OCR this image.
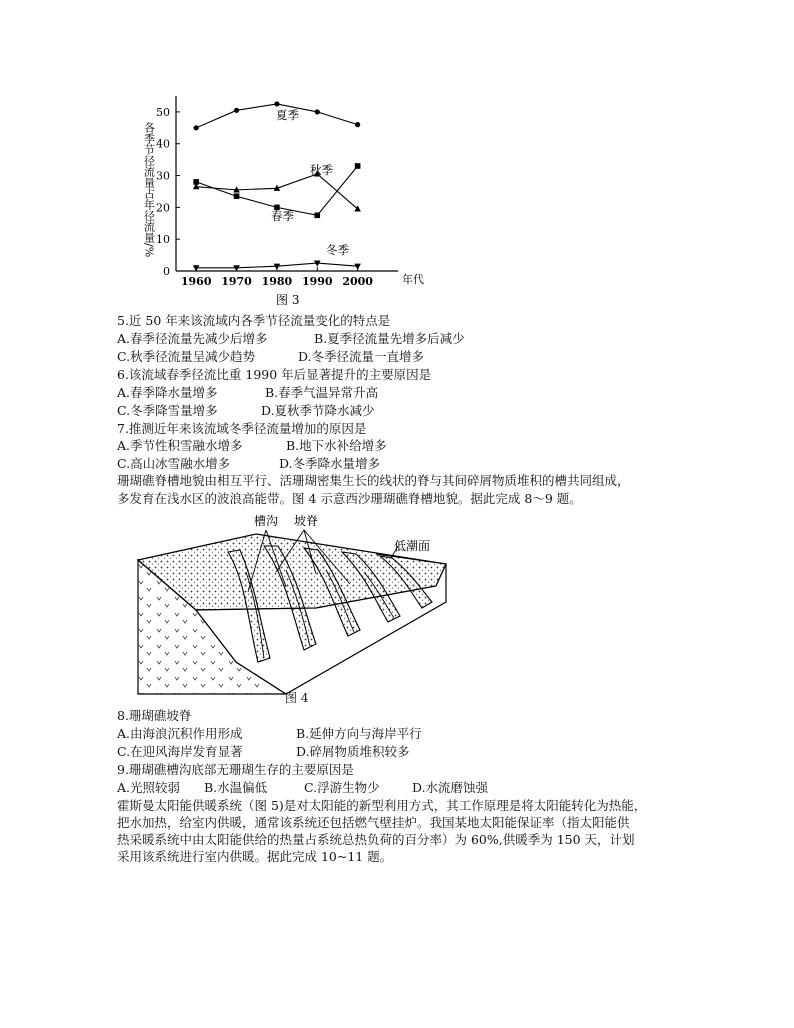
各季节径流量占年径流量/%
0
10
20
30
40
50
1960 1970 1980 1990 2000
夏季
秋季
春季
冬季
年代
图 3
5.近 50 年来该流域内各季节径流量变化的特点是
A.春季径流量先减少后增多	B.夏季径流量先增多后减少
C.秋季径流量呈减少趋势	D.冬季径流量一直增多
6.该流域春季径流比重 1990 年后显著提升的主要原因是
A.春季降水量增多	B.春季气温异常升高
C.冬季降雪量增多	D.夏秋季节降水减少
7.推测近年来该流域冬季径流量增加的原因是
A.季节性积雪融水增多	B.地下水补给增多
C.高山冰雪融水增多	D.冬季降水量增多
珊瑚礁脊槽地貌由相互平行、活珊瑚密集生长的线状的脊与其间碎屑物质堆积的槽共同组成，
多发育在浅水区的波浪高能带。图 4 示意西沙珊瑚礁脊槽地貌。据此完成 8～9 题。
槽沟 坡脊
低潮面
图 4
8.珊瑚礁坡脊
A.由海浪沉积作用形成	B.延伸方向与海岸平行
C.在迎风海岸发育显著	D.碎屑物质堆积较多
9.珊瑚礁槽沟底部无珊瑚生存的主要原因是
A.光照较弱 B.水温偏低	C.浮游生物少	D.水流磨蚀强
霍斯曼太阳能供暖系统（图 5)是对太阳能的新型利用方式，其工作原理是将太阳能转化为热能，
把水加热，给室内供暖，通常该系统还包括燃气壁挂炉。我国某地太阳能保证率（指太阳能供
热采暖系统中由太阳能供给的热量占系统总热负荷的百分率）为 60%,供暖季为 150 天，计划
采用该系统进行室内供暖。据此完成 10~11 题。
